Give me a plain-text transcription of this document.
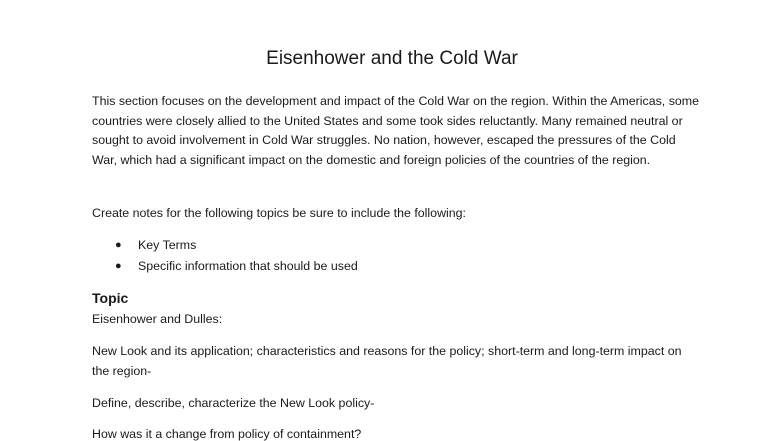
Eisenhower and the Cold War
This section focuses on the development and impact of the Cold War on the region. Within the Americas, some countries were closely allied to the United States and some took sides reluctantly. Many remained neutral or sought to avoid involvement in Cold War struggles. No nation, however, escaped the pressures of the Cold War, which had a significant impact on the domestic and foreign policies of the countries of the region.
Create notes for the following topics be sure to include the following:
● Key Terms
● Specific information that should be used
Topic
Eisenhower and Dulles:
New Look and its application; characteristics and reasons for the policy; short-term and long-term impact on the region-
Define, describe, characterize the New Look policy-
How was it a change from policy of containment?
